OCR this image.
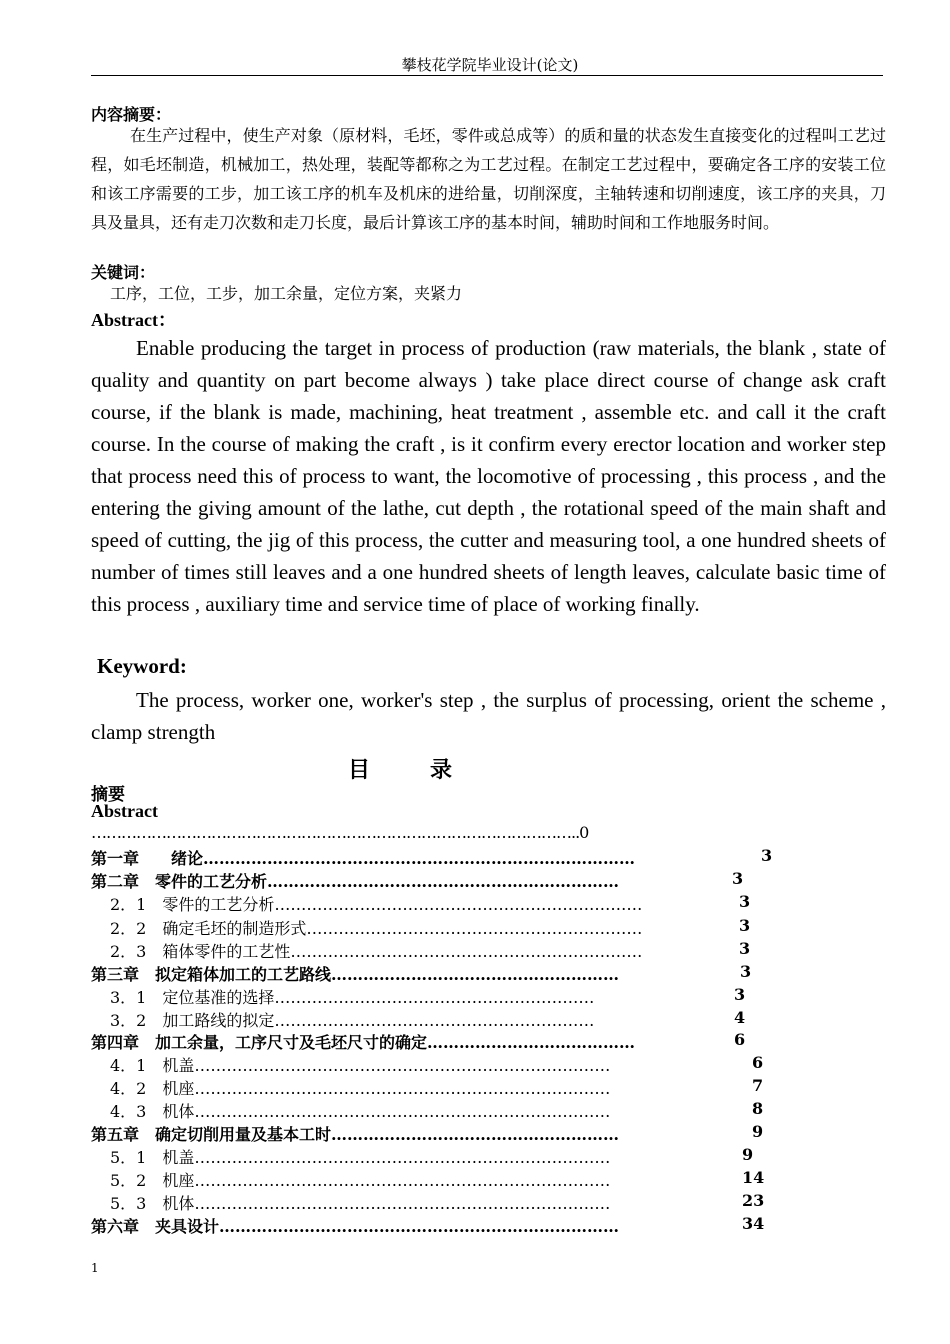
攀枝花学院毕业设计(论文)
内容摘要：
在生产过程中，使生产对象（原材料，毛坯，零件或总成等）的质和量的状态发生直接变化的过程叫工艺过程，如毛坯制造，机械加工，热处理，装配等都称之为工艺过程。在制定工艺过程中，要确定各工序的安装工位和该工序需要的工步，加工该工序的机车及机床的进给量，切削深度，主轴转速和切削速度，该工序的夹具，刀具及量具，还有走刀次数和走刀长度，最后计算该工序的基本时间，辅助时间和工作地服务时间。
关键词：
工序，工位，工步，加工余量，定位方案，夹紧力
Abstract：
Enable producing the target in process of production (raw materials, the blank , state of quality and quantity on part become always ) take place direct course of change ask craft course, if the blank is made, machining, heat treatment , assemble etc. and call it the craft course. In the course of making the craft , is it confirm every erector location and worker step that process need this of process to want, the locomotive of processing , this process , and the entering the giving amount of the lathe, cut depth , the rotational speed of the main shaft and speed of cutting, the jig of this process, the cutter and measuring tool, a one hundred sheets of number of times still leaves and a one hundred sheets of length leaves, calculate basic time of this process , auxiliary time and service time of place of working finally.
Keyword:
The process, worker one, worker's step , the surplus of processing, orient the scheme , clamp strength
目录
摘要
Abstract
……………………………………………………………………………………..0
第一章　　绪论………………………………………………………………………	3
第二章　零件的工艺分析…………………………………………………………	3
2．1　零件的工艺分析……………………………………………………………	3
2．2　确定毛坯的制造形式………………………………………………………	3
2．3　箱体零件的工艺性…………………………………………………………	3
第三章　拟定箱体加工的工艺路线………………………………………………	3
3．1　定位基准的选择……………………………………………………	3
3．2　加工路线的拟定……………………………………………………	4
第四章　加工余量，工序尺寸及毛坯尺寸的确定…………………………………	6
4．1　机盖……………………………………………………………………	6
4．2　机座……………………………………………………………………	7
4．3　机体……………………………………………………………………	8
第五章　确定切削用量及基本工时………………………………………………	9
5．1　机盖……………………………………………………………………	9
5．2　机座……………………………………………………………………	14
5．3　机体……………………………………………………………………	23
第六章　夹具设计…………………………………………………………………	34
1
